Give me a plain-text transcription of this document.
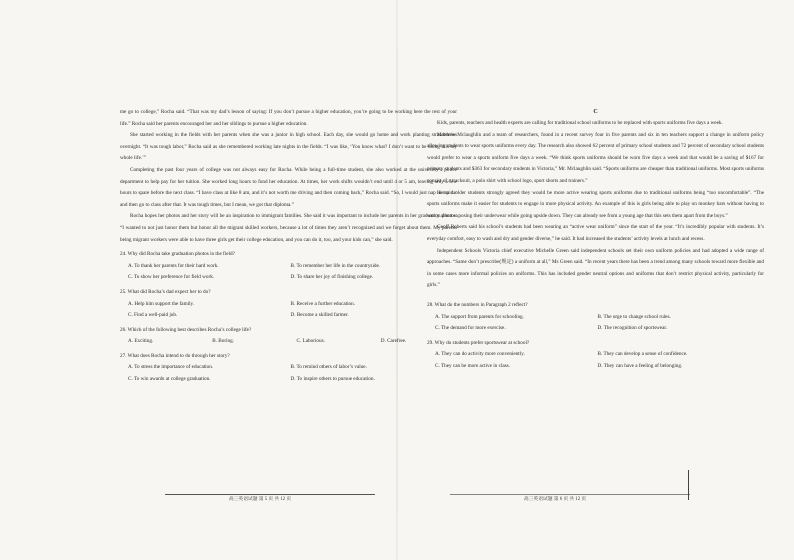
me go to college,” Rocha said. “That was my dad’s lesson of saying: If you don’t pursue a higher education, you’re going to be working here the rest of your life.” Rocha said her parents encouraged her and her siblings to pursue a higher education.

She started working in the fields with her parents when she was a junior in high school. Each day, she would go home and work planting strawberries overnight. “It was tough labor,” Rocha said as she remembered working late nights in the fields. “I was like, ‘You know what? I don’t want to be doing this my whole life.’”

Completing the past four years of college was not always easy for Rocha. While being a full-time student, she also worked at the university’s police department to help pay for her tuition. She worked long hours to fund her education. At times, her work shifts wouldn’t end until 4 or 5 am, leaving only a few hours to spare before the next class. “I have class at like 8 am, and it’s not worth me driving and then coming back,” Rocha said. “So, I would just nap in my car and then go to class after that. It was tough times, but I mean, we got that diploma.”

Rocha hopes her photos and her story will be an inspiration to immigrant families. She said it was important to include her parents in her graduation photos. “I wanted to not just honor them but honor all the migrant skilled workers, because a lot of times they aren’t recognized and we forget about them. My parents being migrant workers were able to have three girls get their college education, and you can do it, too, and your kids can,” she said.

24. Why did Rocha take graduation photos in the field?
A. To thank her parents for their hard work.	B. To remember her life in the countryside.
C. To show her preference for field work.	D. To share her joy of finishing college.
25. What did Rocha’s dad expect her to do?
A. Help him support the family.	B. Receive a further education.
C. Find a well-paid job.	D. Become a skilled farmer.
26. Which of the following best describes Rocha’s college life?
A. Exciting.	B. Boring.	C. Laborious.	D. Carefree.
27. What does Rocha intend to do through her story?
A. To stress the importance of education.	B. To remind others of labor’s value.
C. To win awards at college graduation.	D. To inspire others to pursue education.
高三英语试题 第 5 页 共 12 页
C

Kids, parents, teachers and health experts are calling for traditional school uniforms to be replaced with sports uniforms five days a week.

Matthew Mclaughlin and a team of researchers, found in a recent survey four in five parents and six in ten teachers support a change in uniform policy allowing students to wear sports uniforms every day. The research also showed 62 percent of primary school students and 72 percent of secondary school students would prefer to wear a sports uniform five days a week. “We think sports uniforms should be worn five days a week and that would be a saving of $167 for primary students and $363 for secondary students in Victoria,” Mr. Mclaughlin said. “Sports uniforms are cheaper than traditional uniforms. Most sports uniforms consist of a tracksuit, a polo shirt with school logo, sport shorts and trainers.”

He said older students strongly agreed they would be more active wearing sports uniforms due to traditional uniforms being “too uncomfortable”. “The sports uniforms make it easier for students to engage in more physical activity. An example of this is girls being able to play on monkey bars without having to worry about exposing their underwear while going upside down. They can already see from a young age that this sets them apart from the boys.”

Geoff Roberts said his school’s students had been wearing an “active wear uniform” since the start of the year. “It’s incredibly popular with students. It’s everyday comfort, easy to wash and dry and gender diverse,” he said. It had increased the students’ activity levels at lunch and recess.

Independent Schools Victoria chief executive Michelle Green said independent schools set their own uniform policies and had adopted a wide range of approaches. “Same don’t prescribe(规定) a uniform at all,” Ms Green said. “In recent years there has been a trend among many schools toward more flexible and in some cases more informal policies on uniforms. This has included gender neutral options and uniforms that don’t restrict physical activity, particularly for girls.”

28. What do the numbers in Paragraph 2 reflect?
A. The support from parents for schooling.	B. The urge to change school rules.
C. The demand for more exercise.	D. The recognition of sportswear.
29. Why do students prefer sportswear at school?
A. They can do activity more conveniently.	B. They can develop a sense of confidence.
C. They can be more active in class.	D. They can have a feeling of belonging.
高三英语试题 第 6 页 共 12 页
